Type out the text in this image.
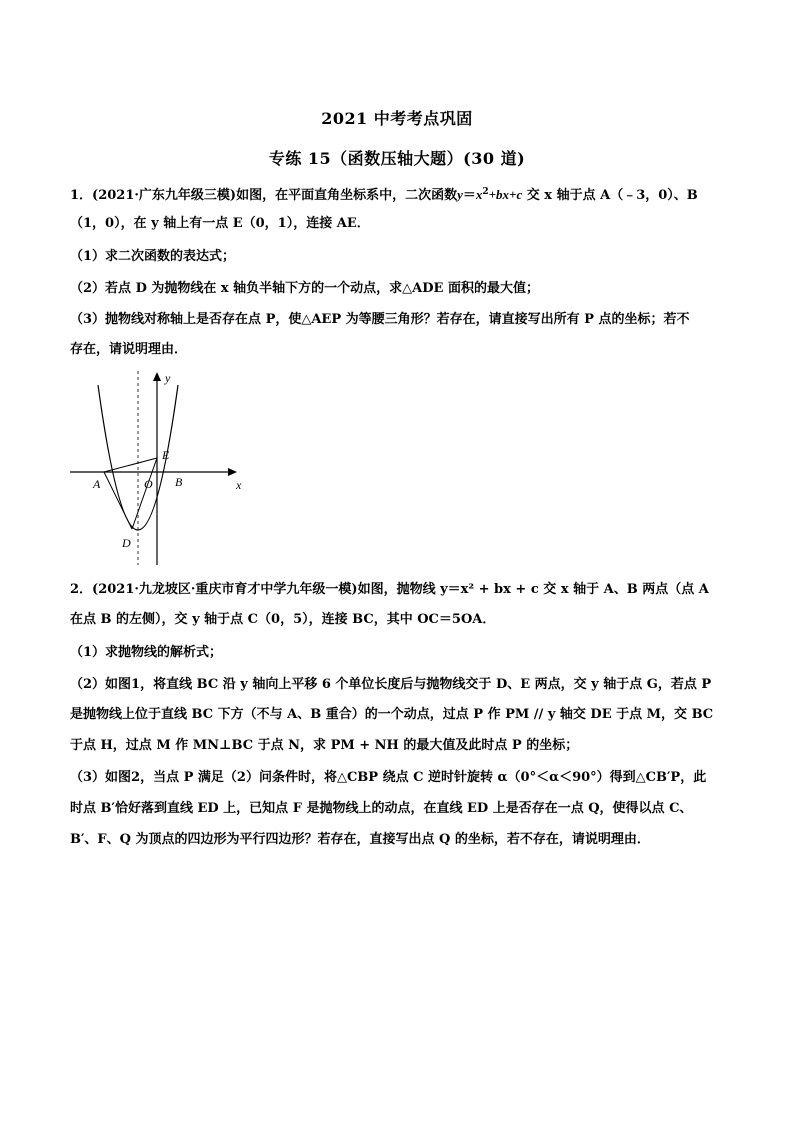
2021 中考考点巩固
专练 15（函数压轴大题）(30 道)
1．(2021·广东九年级三模)如图，在平面直角坐标系中，二次函数$y=x^2+bx+c$ 交 x 轴于点 A（﹣3，0）、B
（1，0），在 y 轴上有一点 E（0，1），连接 AE．
（1）求二次函数的表达式；
（2）若点 D 为抛物线在 x 轴负半轴下方的一个动点，求△ADE 面积的最大值；
（3）抛物线对称轴上是否存在点 P，使△AEP 为等腰三角形？若存在，请直接写出所有 P 点的坐标；若不
存在，请说明理由．
y
x
E
A	O B
D
2．(2021·九龙坡区·重庆市育才中学九年级一模)如图，抛物线 y＝x² + bx + c 交 x 轴于 A、B 两点（点 A
在点 B 的左侧），交 y 轴于点 C（0，5），连接 BC，其中 OC＝5OA．
（1）求抛物线的解析式；
（2）如图1，将直线 BC 沿 y 轴向上平移 6 个单位长度后与抛物线交于 D、E 两点，交 y 轴于点 G，若点 P
是抛物线上位于直线 BC 下方（不与 A、B 重合）的一个动点，过点 P 作 PM // y 轴交 DE 于点 M，交 BC
于点 H，过点 M 作 MN⊥BC 于点 N，求 PM + NH 的最大值及此时点 P 的坐标；
（3）如图2，当点 P 满足（2）问条件时，将△CBP 绕点 C 逆时针旋转 α（0°＜α＜90°）得到△CB′P，此
时点 B′恰好落到直线 ED 上，已知点 F 是抛物线上的动点，在直线 ED 上是否存在一点 Q，使得以点 C、
B′、F、Q 为顶点的四边形为平行四边形？若存在，直接写出点 Q 的坐标，若不存在，请说明理由．
